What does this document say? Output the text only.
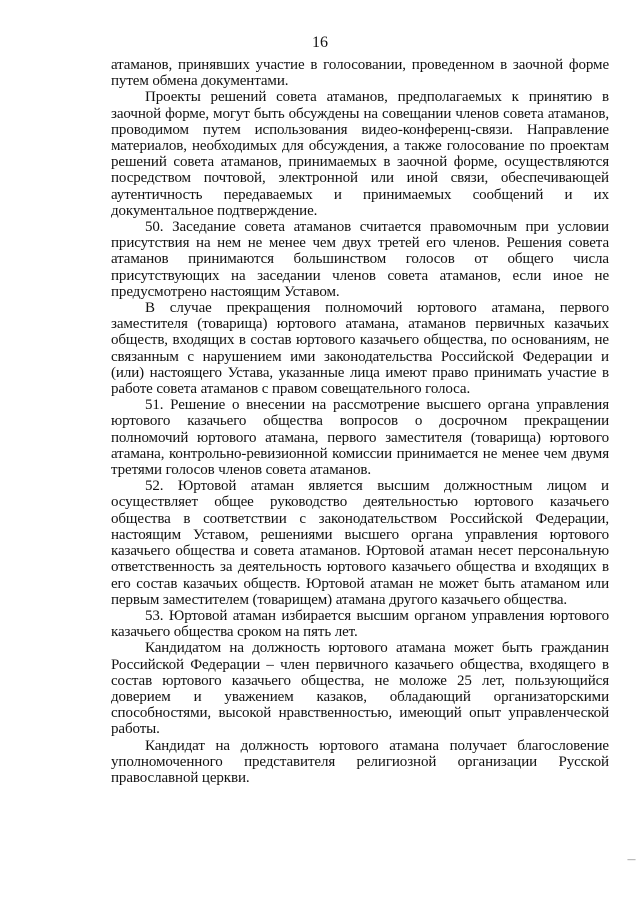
16

атаманов, принявших участие в голосовании, проведенном в заочной форме путем обмена документами.

Проекты решений совета атаманов, предполагаемых к принятию в заочной форме, могут быть обсуждены на совещании членов совета атаманов, проводимом путем использования видео-конференц-связи. Направление материалов, необходимых для обсуждения, а также голосование по проектам решений совета атаманов, принимаемых в заочной форме, осуществляются посредством почтовой, электронной или иной связи, обеспечивающей аутентичность передаваемых и принимаемых сообщений и их документальное подтверждение.

50. Заседание совета атаманов считается правомочным при условии присутствия на нем не менее чем двух третей его членов. Решения совета атаманов принимаются большинством голосов от общего числа присутствующих на заседании членов совета атаманов, если иное не предусмотрено настоящим Уставом.

В случае прекращения полномочий юртового атамана, первого заместителя (товарища) юртового атамана, атаманов первичных казачьих обществ, входящих в состав юртового казачьего общества, по основаниям, не связанным с нарушением ими законодательства Российской Федерации и (или) настоящего Устава, указанные лица имеют право принимать участие в работе совета атаманов с правом совещательного голоса.

51. Решение о внесении на рассмотрение высшего органа управления юртового казачьего общества вопросов о досрочном прекращении полномочий юртового атамана, первого заместителя (товарища) юртового атамана, контрольно-ревизионной комиссии принимается не менее чем двумя третями голосов членов совета атаманов.

52. Юртовой атаман является высшим должностным лицом и осуществляет общее руководство деятельностью юртового казачьего общества в соответствии с законодательством Российской Федерации, настоящим Уставом, решениями высшего органа управления юртового казачьего общества и совета атаманов. Юртовой атаман несет персональную ответственность за деятельность юртового казачьего общества и входящих в его состав казачьих обществ. Юртовой атаман не может быть атаманом или первым заместителем (товарищем) атамана другого казачьего общества.

53. Юртовой атаман избирается высшим органом управления юртового казачьего общества сроком на пять лет.

Кандидатом на должность юртового атамана может быть гражданин Российской Федерации – член первичного казачьего общества, входящего в состав юртового казачьего общества, не моложе 25 лет, пользующийся доверием и уважением казаков, обладающий организаторскими способностями, высокой нравственностью, имеющий опыт управленческой работы.

Кандидат на должность юртового атамана получает благословение уполномоченного представителя религиозной организации Русской православной церкви.

—
